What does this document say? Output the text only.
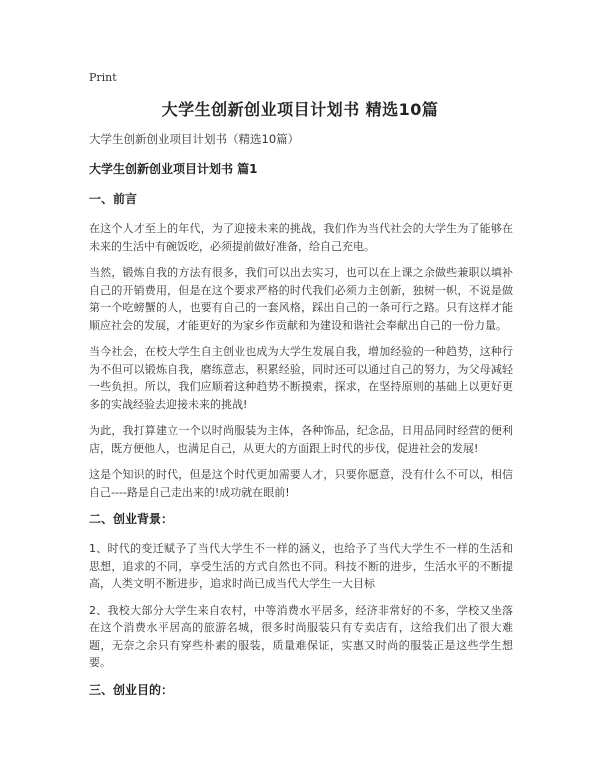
Print
大学生创新创业项目计划书 精选10篇
大学生创新创业项目计划书（精选10篇）
大学生创新创业项目计划书 篇1
一、前言

在这个人才至上的年代，为了迎接未来的挑战，我们作为当代社会的大学生为了能够在未来的生活中有碗饭吃，必须提前做好准备，给自己充电。

当然，锻炼自我的方法有很多，我们可以出去实习，也可以在上课之余做些兼职以填补自己的开销费用，但是在这个要求严格的时代我们必须力主创新，独树一帜，不说是做第一个吃螃蟹的人，也要有自己的一套风格，踩出自己的一条可行之路。只有这样才能顺应社会的发展，才能更好的为家乡作贡献和为建设和谐社会奉献出自己的一份力量。

当今社会，在校大学生自主创业也成为大学生发展自我，增加经验的一种趋势，这种行为不但可以锻炼自我，磨练意志，积累经验，同时还可以通过自己的努力，为父母减轻一些负担。所以，我们应顺着这种趋势不断摸索，探求，在坚持原则的基础上以更好更多的实战经验去迎接未来的挑战!

为此，我打算建立一个以时尚服装为主体，各种饰品，纪念品，日用品同时经营的便利店，既方便他人，也满足自己，从更大的方面跟上时代的步伐，促进社会的发展!

这是个知识的时代，但是这个时代更加需要人才，只要你愿意，没有什么不可以，相信自己----路是自己走出来的!成功就在眼前!

二、创业背景：

1、时代的变迁赋予了当代大学生不一样的涵义，也给予了当代大学生不一样的生活和思想，追求的不同，享受生活的方式自然也不同。科技不断的进步，生活水平的不断提高，人类文明不断进步，追求时尚已成当代大学生一大目标

2、我校大部分大学生来自农村，中等消费水平居多，经济非常好的不多，学校又坐落在这个消费水平居高的旅游名城，很多时尚服装只有专卖店有，这给我们出了很大难题，无奈之余只有穿些朴素的服装，质量难保证，实惠又时尚的服装正是这些学生想要。

三、创业目的：
